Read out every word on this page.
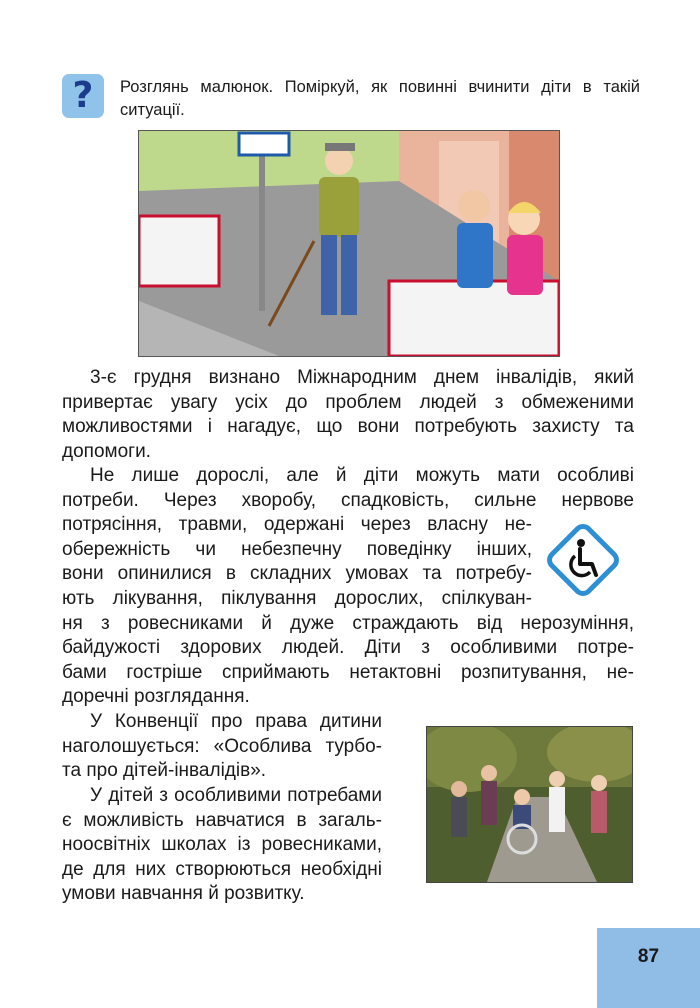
? Розглянь малюнок. Поміркуй, як повинні вчинити діти в такій ситуації.
3-є грудня визнано Міжнародним днем інвалідів, який привертає увагу усіх до проблем людей з обмеженими можливостями і нагадує, що вони потребують захисту та допомоги.
Не лише дорослі, але й діти можуть мати особливі
потреби. Через хворобу, спадковість, сильне нервове
потрясіння, травми, одержані через власну не-
обережність чи небезпечну поведінку інших,
вони опинилися в складних умовах та потребу-
ють лікування, піклування дорослих, спілкуван-
ня з ровесниками й дуже страждають від нерозуміння,
байдужості здорових людей. Діти з особливими потре-
бами гостріше сприймають нетактовні розпитування, не-
доречні розглядання.
У Конвенції про права дитини
наголошується: «Особлива турбо-
та про дітей-інвалідів».
У дітей з особливими потребами
є можливість навчатися в загаль-
ноосвітніх школах із ровесниками,
де для них створюються необхідні
умови навчання й розвитку.
87
